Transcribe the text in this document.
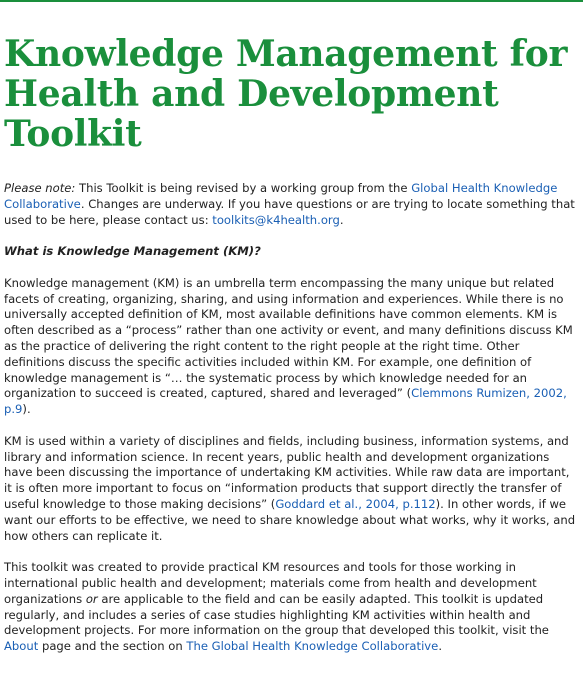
Knowledge Management for Health and Development Toolkit

Please note: This Toolkit is being revised by a working group from the Global Health Knowledge Collaborative. Changes are underway. If you have questions or are trying to locate something that used to be here, please contact us: toolkits@k4health.org.

What is Knowledge Management (KM)?

Knowledge management (KM) is an umbrella term encompassing the many unique but related facets of creating, organizing, sharing, and using information and experiences. While there is no universally accepted definition of KM, most available definitions have common elements. KM is often described as a “process” rather than one activity or event, and many definitions discuss KM as the practice of delivering the right content to the right people at the right time. Other definitions discuss the specific activities included within KM. For example, one definition of knowledge management is “… the systematic process by which knowledge needed for an organization to succeed is created, captured, shared and leveraged” (Clemmons Rumizen, 2002, p.9).

KM is used within a variety of disciplines and fields, including business, information systems, and library and information science. In recent years, public health and development organizations have been discussing the importance of undertaking KM activities. While raw data are important, it is often more important to focus on “information products that support directly the transfer of useful knowledge to those making decisions” (Goddard et al., 2004, p.112). In other words, if we want our efforts to be effective, we need to share knowledge about what works, why it works, and how others can replicate it.

This toolkit was created to provide practical KM resources and tools for those working in international public health and development; materials come from health and development organizations or are applicable to the field and can be easily adapted. This toolkit is updated regularly, and includes a series of case studies highlighting KM activities within health and development projects. For more information on the group that developed this toolkit, visit the About page and the section on The Global Health Knowledge Collaborative.
